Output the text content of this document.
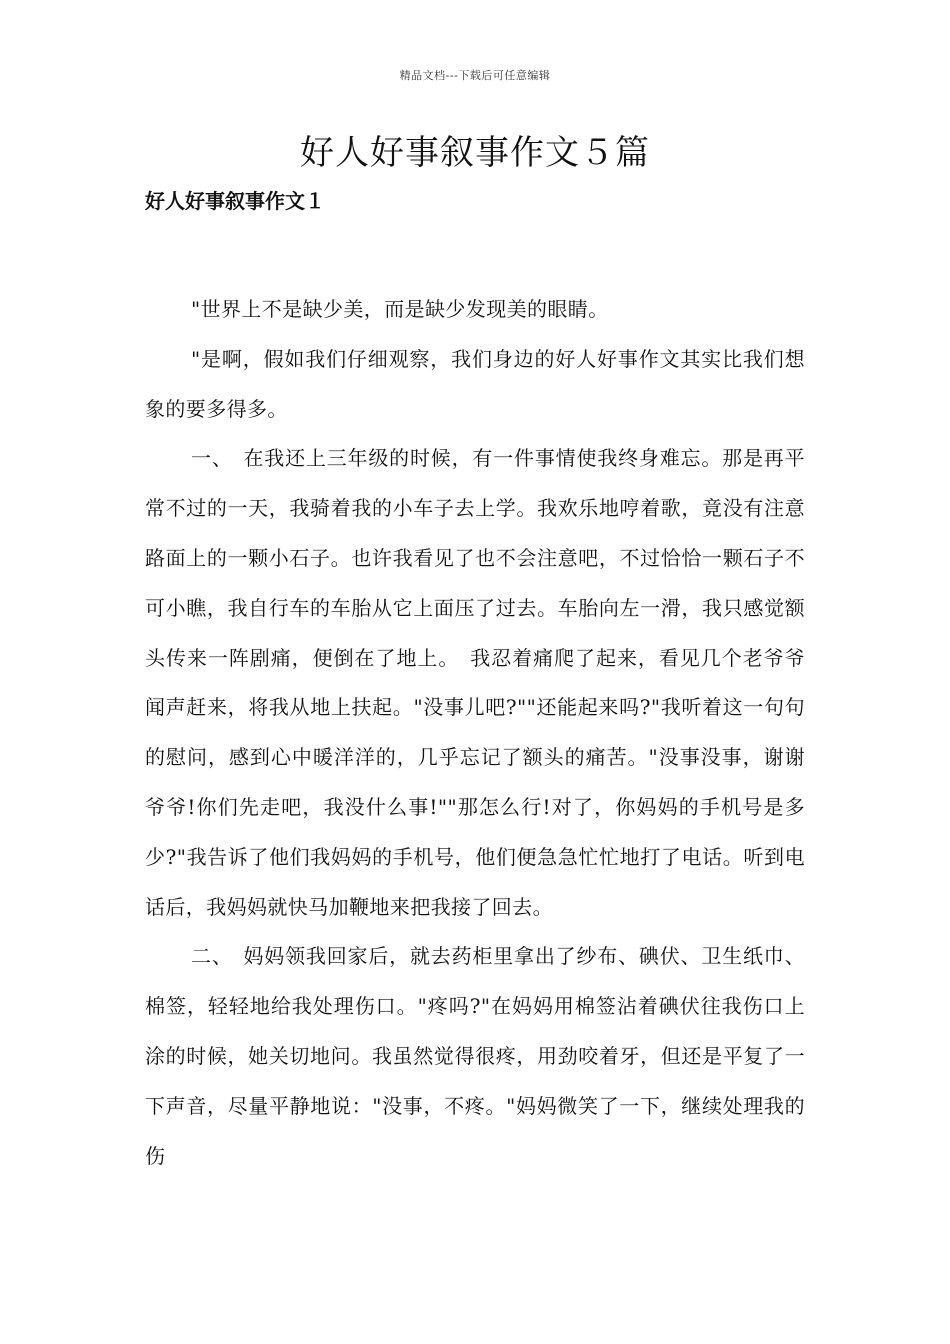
精品文档---下载后可任意编辑
好人好事叙事作文５篇
好人好事叙事作文１

"世界上不是缺少美，而是缺少发现美的眼睛。

"是啊，假如我们仔细观察，我们身边的好人好事作文其实比我们想象的要多得多。

一、　在我还上三年级的时候，有一件事情使我终身难忘。那是再平常不过的一天，我骑着我的小车子去上学。我欢乐地哼着歌，竟没有注意路面上的一颗小石子。也许我看见了也不会注意吧，不过恰恰一颗石子不可小瞧，我自行车的车胎从它上面压了过去。车胎向左一滑，我只感觉额头传来一阵剧痛，便倒在了地上。　我忍着痛爬了起来，看见几个老爷爷闻声赶来，将我从地上扶起。"没事儿吧?""还能起来吗?"我听着这一句句的慰问，感到心中暖洋洋的，几乎忘记了额头的痛苦。"没事没事，谢谢爷爷!你们先走吧，我没什么事!""那怎么行!对了，你妈妈的手机号是多少?"我告诉了他们我妈妈的手机号，他们便急急忙忙地打了电话。听到电话后，我妈妈就快马加鞭地来把我接了回去。

二、　妈妈领我回家后，就去药柜里拿出了纱布、碘伏、卫生纸巾、棉签，轻轻地给我处理伤口。"疼吗?"在妈妈用棉签沾着碘伏往我伤口上涂的时候，她关切地问。我虽然觉得很疼，用劲咬着牙，但还是平复了一下声音，尽量平静地说："没事，不疼。"妈妈微笑了一下，继续处理我的伤
